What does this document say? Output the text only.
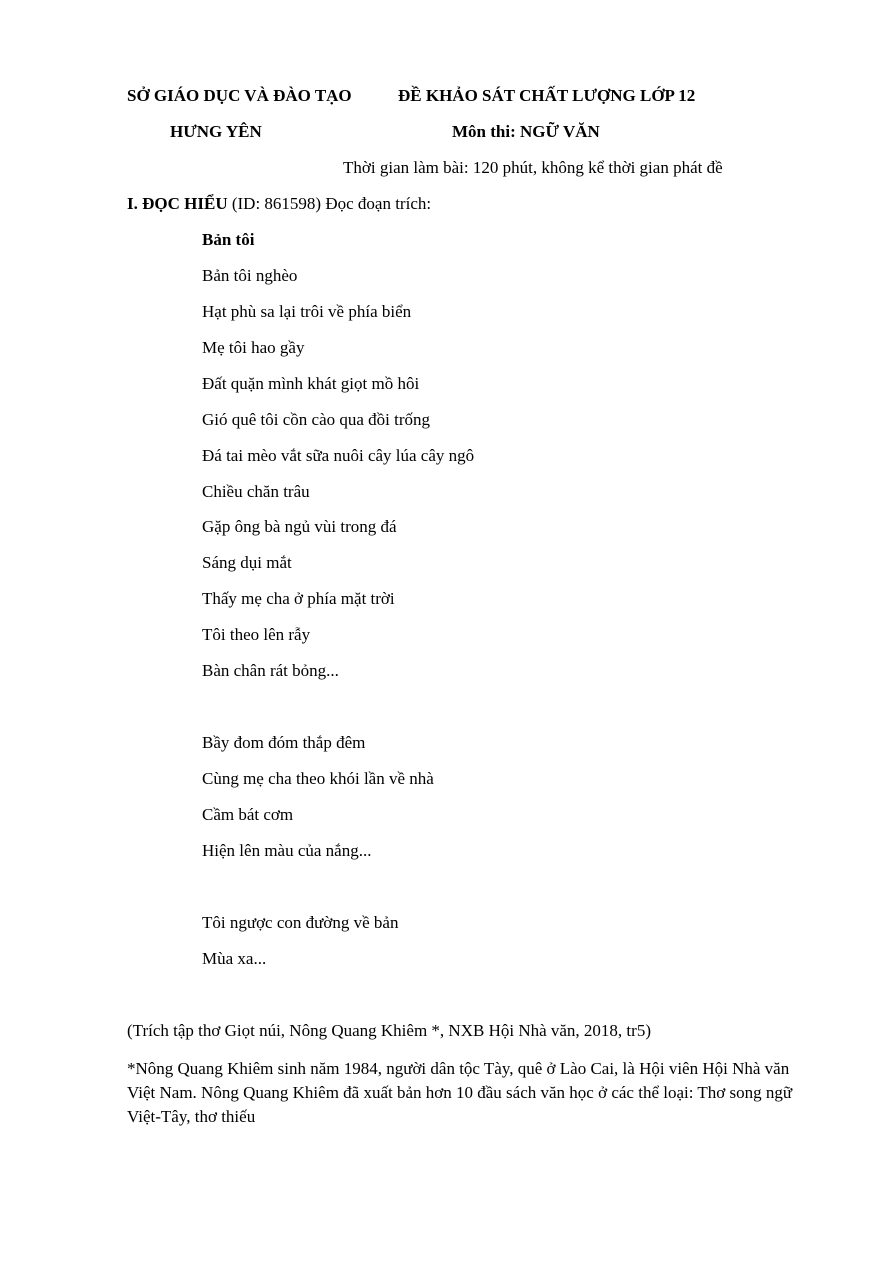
SỞ GIÁO DỤC VÀ ĐÀO TẠO	ĐỀ KHẢO SÁT CHẤT LƯỢNG LỚP 12
HƯNG YÊN	Môn thi: NGỮ VĂN
Thời gian làm bài: 120 phút, không kể thời gian phát đề
I. ĐỌC HIỂU (ID: 861598) Đọc đoạn trích:
Bản tôi
Bản tôi nghèo
Hạt phù sa lại trôi về phía biển
Mẹ tôi hao gầy
Đất quặn mình khát giọt mồ hôi
Gió quê tôi cồn cào qua đồi trống
Đá tai mèo vắt sữa nuôi cây lúa cây ngô
Chiều chăn trâu
Gặp ông bà ngủ vùi trong đá
Sáng dụi mắt
Thấy mẹ cha ở phía mặt trời
Tôi theo lên rẫy
Bàn chân rát bỏng...
Bầy đom đóm thắp đêm
Cùng mẹ cha theo khói lần về nhà
Cầm bát cơm
Hiện lên màu của nắng...
Tôi ngược con đường về bản
Mùa xa...
(Trích tập thơ Giọt núi, Nông Quang Khiêm *, NXB Hội Nhà văn, 2018, tr5)
*Nông Quang Khiêm sinh năm 1984, người dân tộc Tày, quê ở Lào Cai, là Hội viên Hội Nhà văn Việt Nam. Nông Quang Khiêm đã xuất bản hơn 10 đầu sách văn học ở các thể loại: Thơ song ngữ Việt-Tây, thơ thiếu
